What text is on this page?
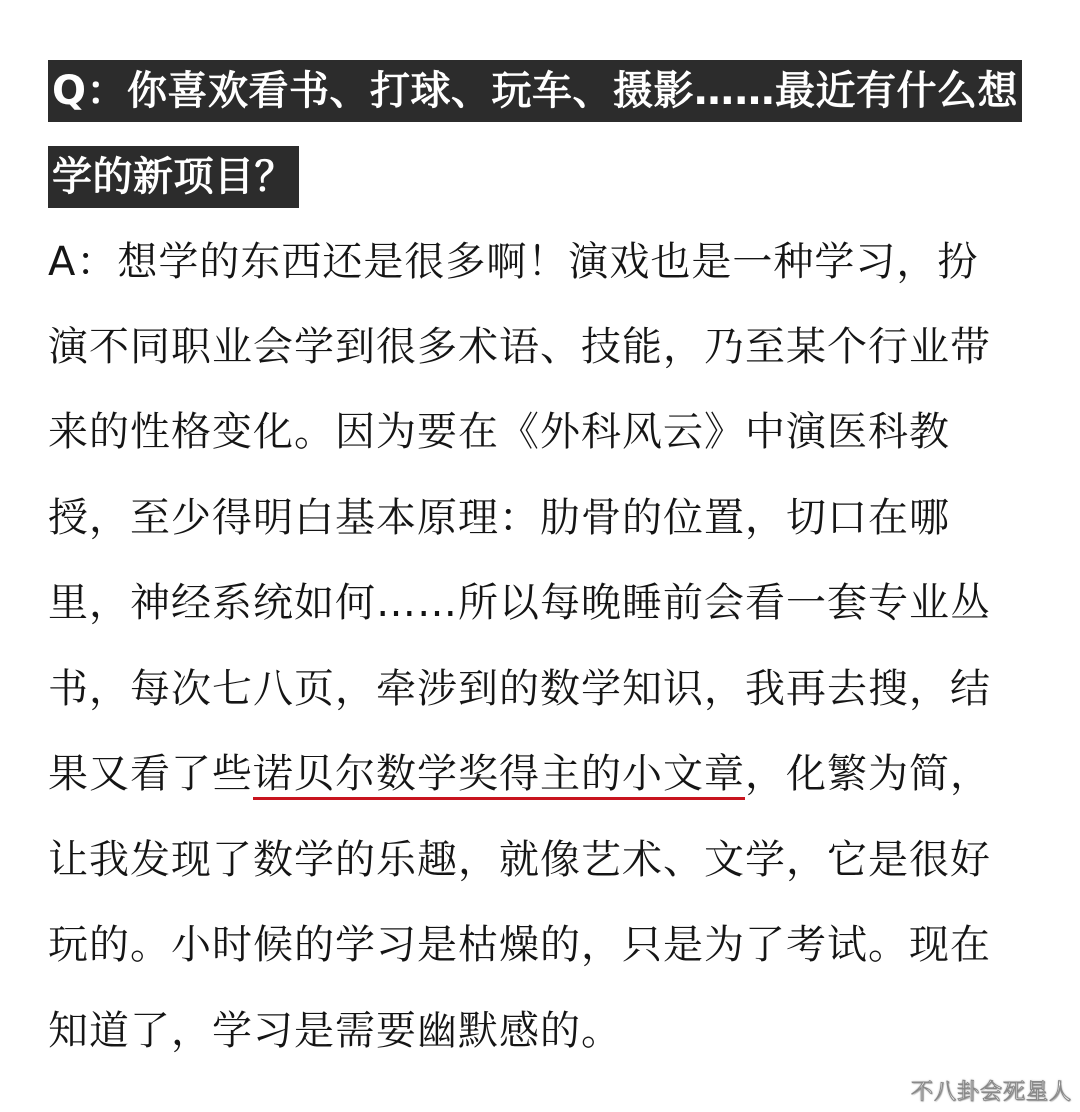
Q：你喜欢看书、打球、玩车、摄影……最近有什么想
学的新项目？
A：想学的东西还是很多啊！演戏也是一种学习，扮
演不同职业会学到很多术语、技能，乃至某个行业带
来的性格变化。因为要在《外科风云》中演医科教
授，至少得明白基本原理：肋骨的位置，切口在哪
里，神经系统如何……所以每晚睡前会看一套专业丛
书，每次七八页，牵涉到的数学知识，我再去搜，结
果又看了些诺贝尔数学奖得主的小文章，化繁为简，
让我发现了数学的乐趣，就像艺术、文学，它是很好
玩的。小时候的学习是枯燥的，只是为了考试。现在
知道了，学习是需要幽默感的。
不八卦会死星人
